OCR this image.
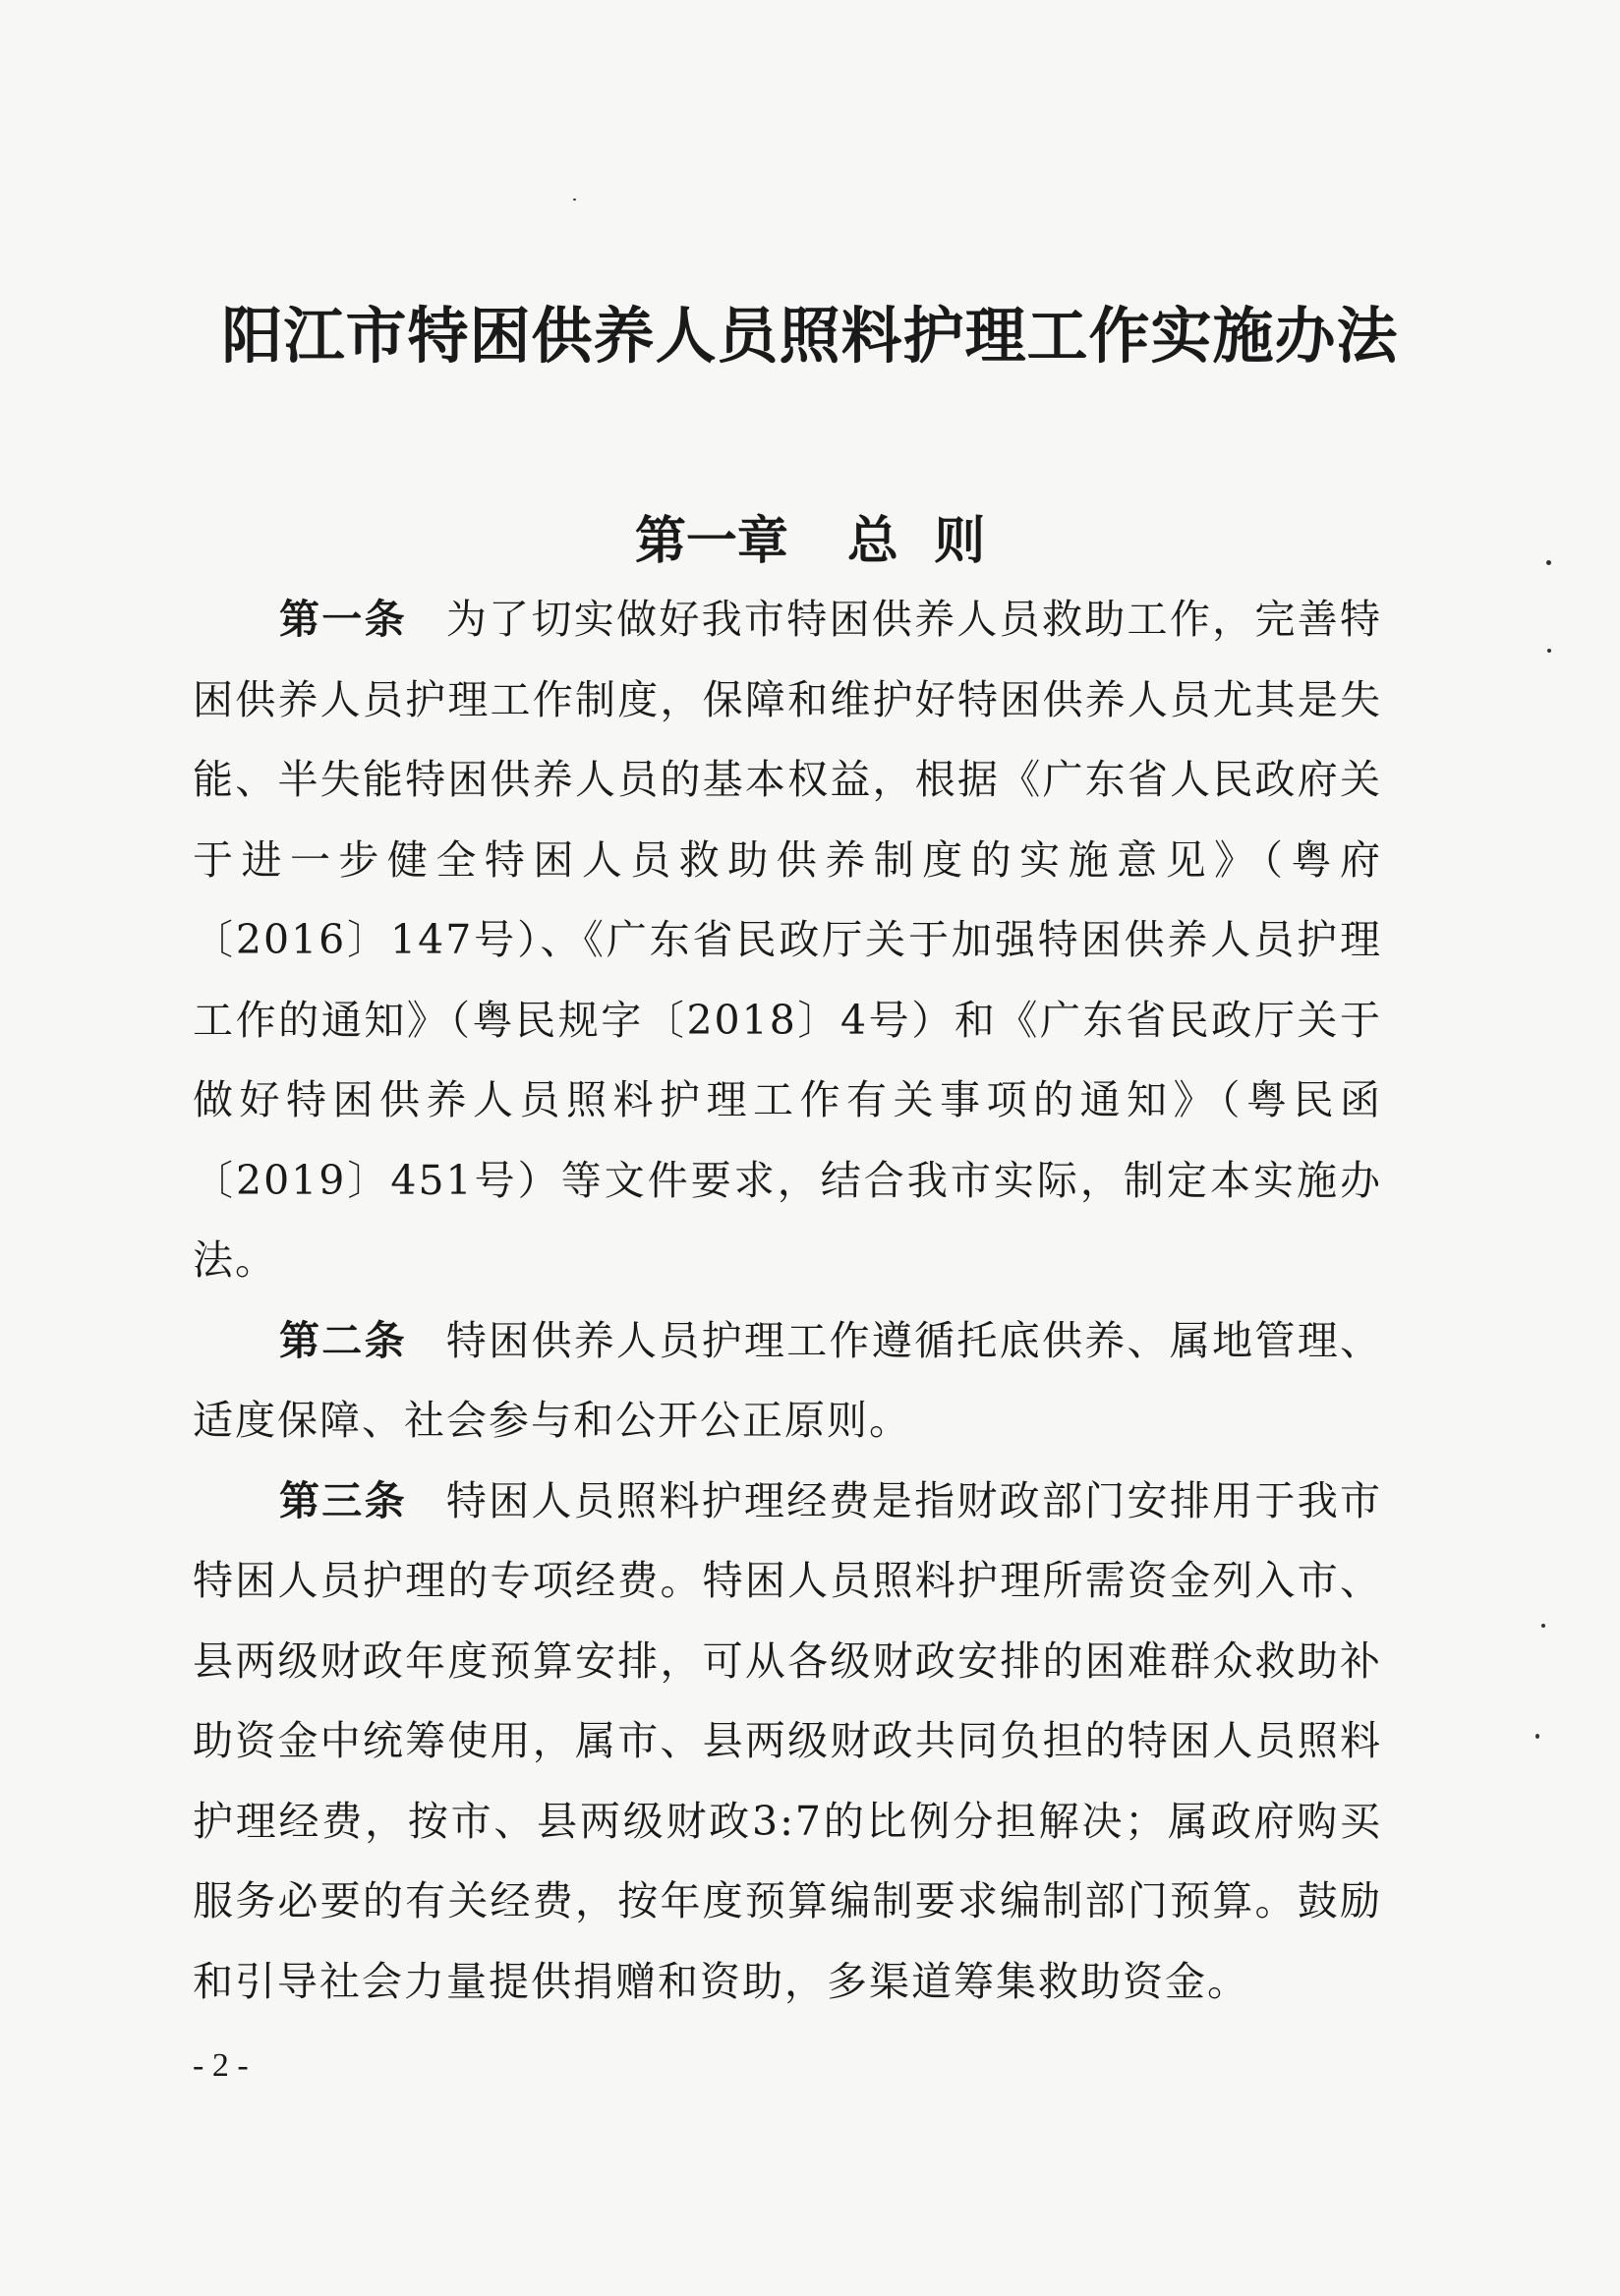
阳江市特困供养人员照料护理工作实施办法
第一章 总  则

第一条 为了切实做好我市特困供养人员救助工作，完善特困供养人员护理工作制度，保障和维护好特困供养人员尤其是失能、半失能特困供养人员的基本权益，根据《广东省人民政府关于进一步健全特困人员救助供养制度的实施意见》（粤府〔2016〕147号）、《广东省民政厅关于加强特困供养人员护理工作的通知》（粤民规字〔2018〕4号）和《广东省民政厅关于做好特困供养人员照料护理工作有关事项的通知》（粤民函〔2019〕451号）等文件要求，结合我市实际，制定本实施办法。

第二条 特困供养人员护理工作遵循托底供养、属地管理、适度保障、社会参与和公开公正原则。

第三条 特困人员照料护理经费是指财政部门安排用于我市特困人员护理的专项经费。特困人员照料护理所需资金列入市、县两级财政年度预算安排，可从各级财政安排的困难群众救助补助资金中统筹使用，属市、县两级财政共同负担的特困人员照料护理经费，按市、县两级财政3:7的比例分担解决；属政府购买服务必要的有关经费，按年度预算编制要求编制部门预算。鼓励和引导社会力量提供捐赠和资助，多渠道筹集救助资金。

- 2 -
